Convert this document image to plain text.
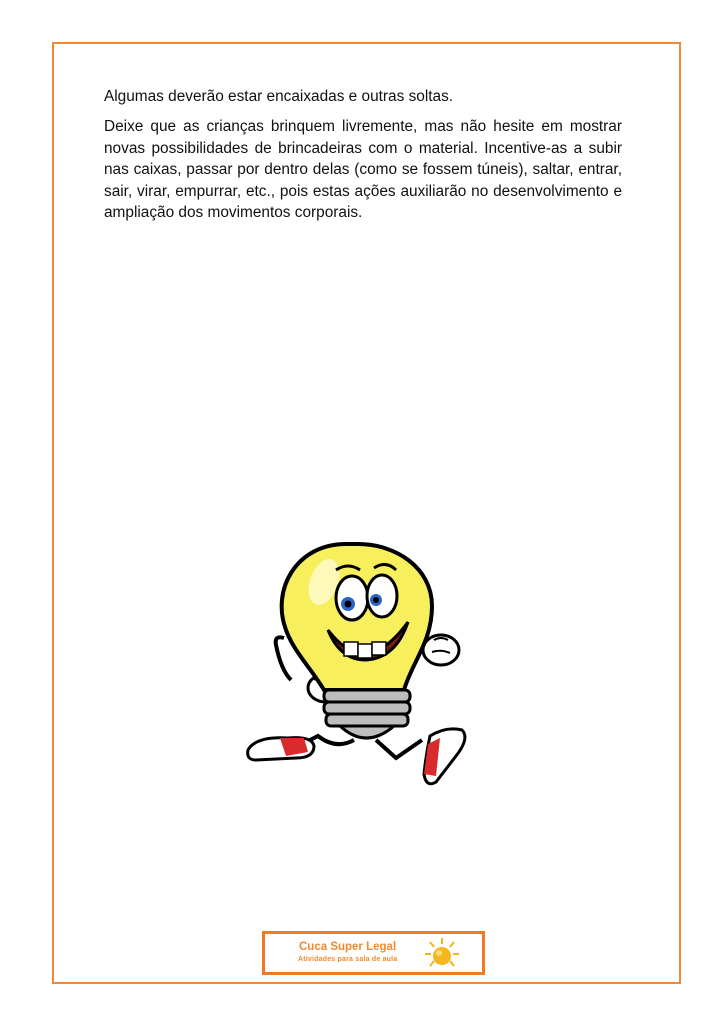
Algumas deverão estar encaixadas e outras soltas.

Deixe que as crianças brinquem livremente, mas não hesite em mostrar novas possibilidades de brincadeiras com o material. Incentive-as a subir nas caixas, passar por dentro delas (como se fossem túneis), saltar, entrar, sair, virar, empurrar, etc., pois estas ações auxiliarão no desenvolvimento e ampliação dos movimentos corporais.

Cuca Super Legal
Atividades para sala de aula
